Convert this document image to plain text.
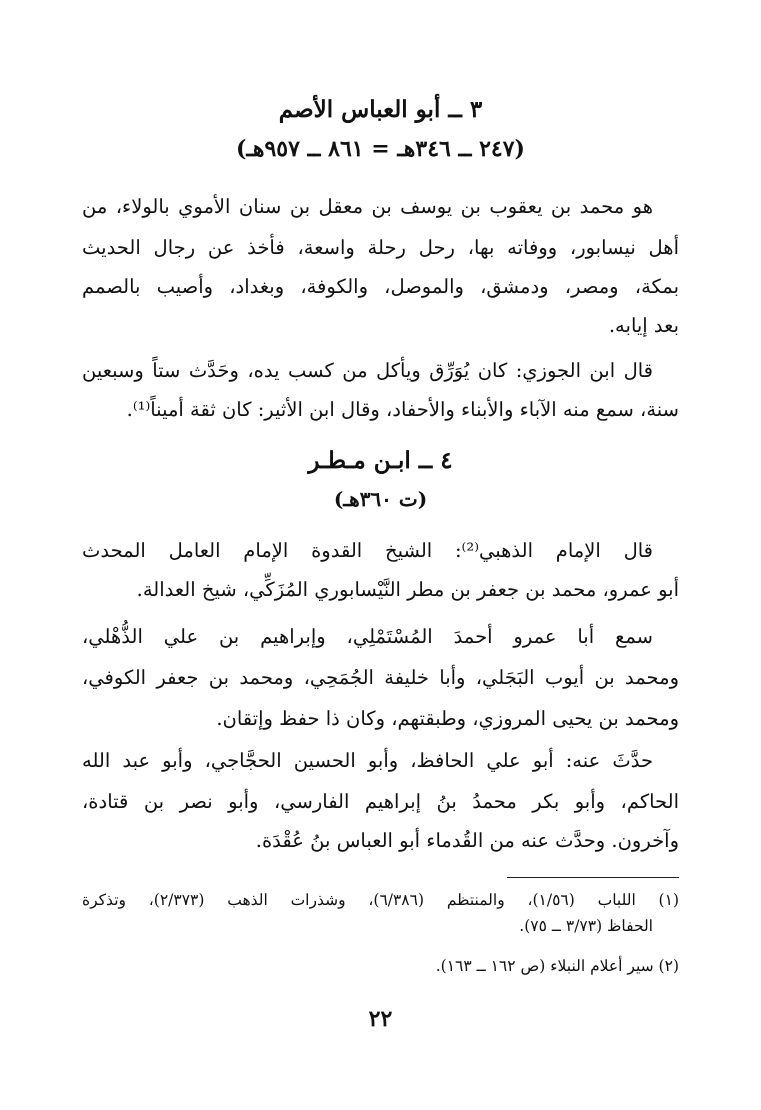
٣ ــ أبو العباس الأصم
(٢٤٧ ــ ٣٤٦هـ = ٨٦١ ــ ٩٥٧هـ)
هو محمد بن يعقوب بن يوسف بن معقل بن سنان الأموي بالولاء، من
أهل نيسابور، ووفاته بها، رحل رحلة واسعة، فأخذ عن رجال الحديث
بمكة، ومصر، ودمشق، والموصل، والكوفة، وبغداد، وأصيب بالصمم
بعد إيابه.
قال ابن الجوزي: كان يُوَرِّق ويأكل من كسب يده، وحَدَّث ستاً وسبعين
سنة، سمع منه الآباء والأبناء والأحفاد، وقال ابن الأثير: كان ثقة أميناً⁽¹⁾.
٤ ــ ابـن مـطـر
(ت ٣٦٠هـ)
قال الإمام الذهبي⁽²⁾: الشيخ القدوة الإمام العامل المحدث
أبو عمرو، محمد بن جعفر بن مطر النَّيْسابوري المُزَكِّي، شيخ العدالة.
سمع أبا عمرو أحمدَ المُسْتَمْلِي، وإبراهيم بن علي الذُّهْلي،
ومحمد بن أيوب البَجَلي، وأبا خليفة الجُمَحِي، ومحمد بن جعفر الكوفي،
ومحمد بن يحيى المروزي، وطبقتهم، وكان ذا حفظ وإتقان.
حدَّثَ عنه: أبو علي الحافظ، وأبو الحسين الحجَّاجي، وأبو عبد الله
الحاكم، وأبو بكر محمدُ بنُ إبراهيم الفارسي، وأبو نصر بن قتادة،
وآخرون. وحدَّث عنه من القُدماء أبو العباس بنُ عُقْدَة.
(١) اللباب (١/٥٦)، والمنتظم (٦/٣٨٦)، وشذرات الذهب (٢/٣٧٣)، وتذكرة
الحفاظ (٣/٧٣ ــ ٧٥).
(٢) سير أعلام النبلاء (ص ١٦٢ ــ ١٦٣).
٢٢
